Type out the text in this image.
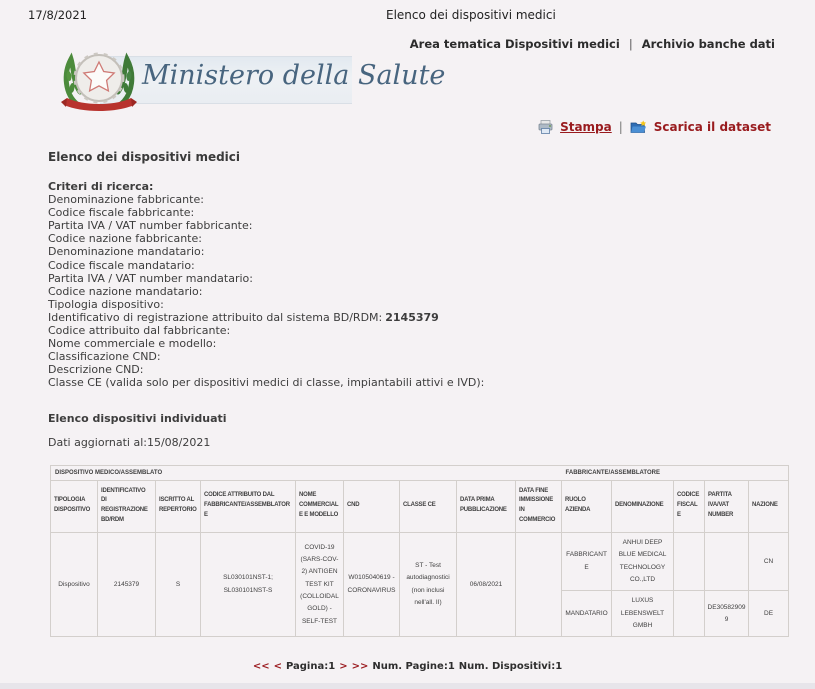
17/8/2021	Elenco dei dispositivi medici
Area tematica Dispositivi medici | Archivio banche dati
Ministero della Salute
Stampa |	Scarica il dataset
Elenco dei dispositivi medici
Criteri di ricerca:
Denominazione fabbricante:
Codice fiscale fabbricante:
Partita IVA / VAT number fabbricante:
Codice nazione fabbricante:
Denominazione mandatario:
Codice fiscale mandatario:
Partita IVA / VAT number mandatario:
Codice nazione mandatario:
Tipologia dispositivo:
Identificativo di registrazione attribuito dal sistema BD/RDM: 2145379
Codice attribuito dal fabbricante:
Nome commerciale e modello:
Classificazione CND:
Descrizione CND:
Classe CE (valida solo per dispositivi medici di classe, impiantabili attivi e IVD):
Elenco dispositivi individuati
Dati aggiornati al:15/08/2021
DISPOSITIVO MEDICO/ASSEMBLATO									FABBRICANTE/ASSEMBLATORE				
TIPOLOGIA DISPOSITIVO	IDENTIFICATIVO DI REGISTRAZIONE BD/RDM	ISCRITTO AL REPERTORIO	CODICE ATTRIBUITO DAL FABBRICANTE/ASSEMBLATORE	NOME COMMERCIALE E MODELLO	CND	CLASSE CE	DATA PRIMA PUBBLICAZIONE	DATA FINE IMMISSIONE IN COMMERCIO	RUOLO AZIENDA	DENOMINAZIONE	CODICE FISCALE	PARTITA IVA/VAT NUMBER	NAZIONE
Dispositivo	2145379	S	SL030101NST-1; SL030101NST-S	COVID-19 (SARS-COV-2) ANTIGEN TEST KIT (COLLOIDAL GOLD) - SELF-TEST	W0105040619 - CORONAVIRUS	ST - Test autodiagnostici (non inclusi nell'all. II)	06/08/2021		FABBRICANTE	ANHUI DEEP BLUE MEDICAL TECHNOLOGY CO.,LTD			CN
									MANDATARIO	LUXUS LEBENSWELT GMBH		DE305829099	DE
<< < Pagina:1 > >> Num. Pagine:1 Num. Dispositivi:1
